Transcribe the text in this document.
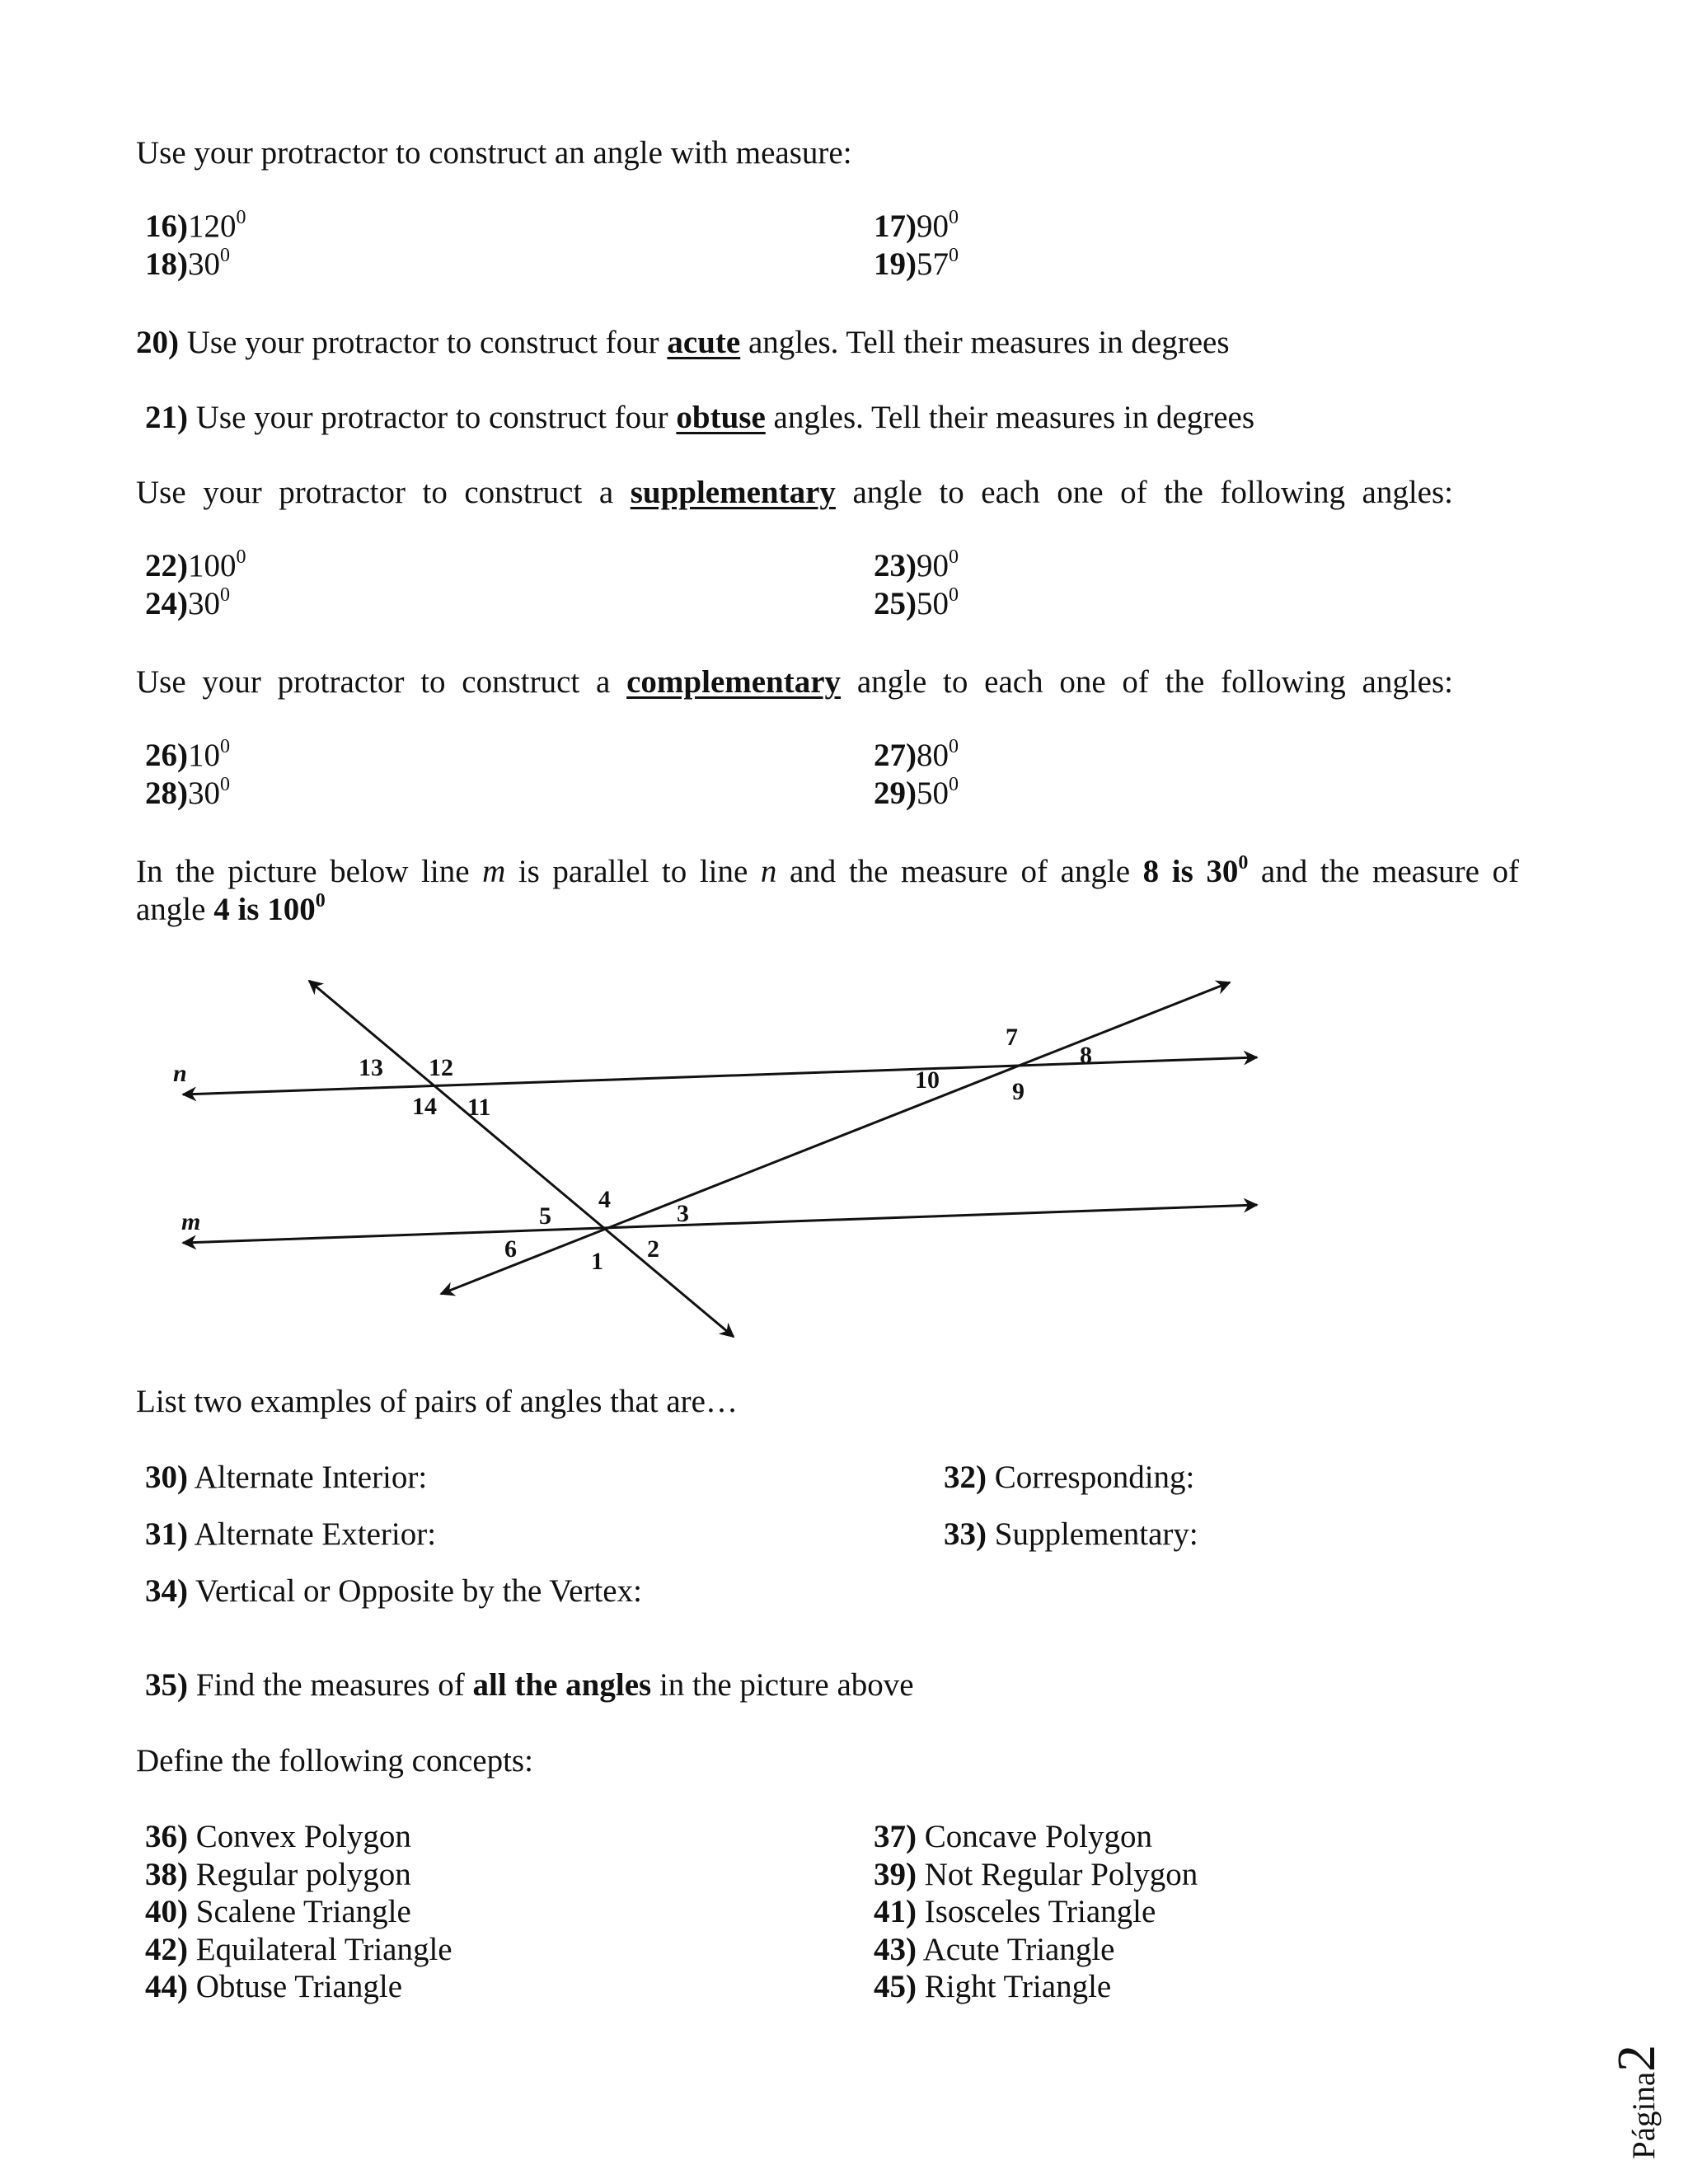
Use your protractor to construct an angle with measure:
$16)120^0$	$17)90^0$
$18)30^0$	$19)57^0$
20) Use your protractor to construct four acute angles. Tell their measures in degrees
21) Use your protractor to construct four obtuse angles. Tell their measures in degrees
Use your protractor to construct a supplementary angle to each one of the following angles:
$22)100^0$	$23)90^0$
$24)30^0$	$25)50^0$
Use your protractor to construct a complementary angle to each one of the following angles:
$26)10^0$	$27)80^0$
$28)30^0$	$29)50^0$
In the picture below line m is parallel to line n and the measure of angle 8 is $30^0$ and the measure of
angle 4 is $100^0$
n
m
1 2
3
4
5
6
7
8
9
10
11
12
13
14
List two examples of pairs of angles that are…
30) Alternate Interior:	32) Corresponding:
31) Alternate Exterior:	33) Supplementary:
34) Vertical or Opposite by the Vertex:
35) Find the measures of all the angles in the picture above
Define the following concepts:
36) Convex Polygon	37) Concave Polygon
38) Regular polygon	39) Not Regular Polygon
40) Scalene Triangle	41) Isosceles Triangle
42) Equilateral Triangle	43) Acute Triangle
44) Obtuse Triangle	45) Right Triangle
Página2
